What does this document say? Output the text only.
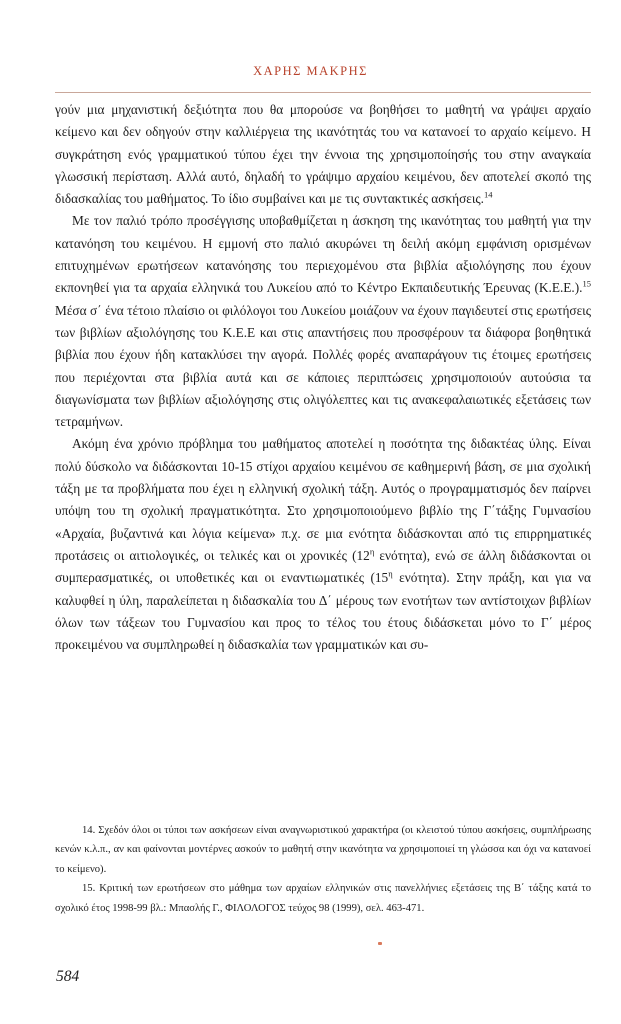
ΧΑΡΗΣ ΜΑΚΡΗΣ

γούν μια μηχανιστική δεξιότητα που θα μπορούσε να βοηθήσει το μαθητή να γράψει αρχαίο κείμενο και δεν οδηγούν στην καλλιέργεια της ικανότητάς του να κατανοεί το αρχαίο κείμενο. Η συγκράτηση ενός γραμματικού τύπου έχει την έννοια της χρησιμοποίησής του στην αναγκαία γλωσσική περίσταση. Αλλά αυτό, δηλαδή το γράψιμο αρχαίου κειμένου, δεν αποτελεί σκοπό της διδασκαλίας του μαθήματος. Το ίδιο συμβαίνει και με τις συντακτικές ασκήσεις.$^{14}$

Με τον παλιό τρόπο προσέγγισης υποβαθμίζεται η άσκηση της ικανότητας του μαθητή για την κατανόηση του κειμένου. Η εμμονή στο παλιό ακυρώνει τη δειλή ακόμη εμφάνιση ορισμένων επιτυχημένων ερωτήσεων κατανόησης του περιεχομένου στα βιβλία αξιολόγησης που έχουν εκπονηθεί για τα αρχαία ελληνικά του Λυκείου από το Κέντρο Εκπαιδευτικής Έρευνας (Κ.Ε.Ε.).$^{15}$ Μέσα σ΄ ένα τέτοιο πλαίσιο οι φιλόλογοι του Λυκείου μοιάζουν να έχουν παγιδευτεί στις ερωτήσεις των βιβλίων αξιολόγησης του Κ.Ε.Ε και στις απαντήσεις που προσφέρουν τα διάφορα βοηθητικά βιβλία που έχουν ήδη κατακλύσει την αγορά. Πολλές φορές αναπαράγουν τις έτοιμες ερωτήσεις που περιέχονται στα βιβλία αυτά και σε κάποιες περιπτώσεις χρησιμοποιούν αυτούσια τα διαγωνίσματα των βιβλίων αξιολόγησης στις ολιγόλεπτες και τις ανακεφαλαιωτικές εξετάσεις των τετραμήνων.

Ακόμη ένα χρόνιο πρόβλημα του μαθήματος αποτελεί η ποσότητα της διδακτέας ύλης. Είναι πολύ δύσκολο να διδάσκονται 10-15 στίχοι αρχαίου κειμένου σε καθημερινή βάση, σε μια σχολική τάξη με τα προβλήματα που έχει η ελληνική σχολική τάξη. Αυτός ο προγραμματισμός δεν παίρνει υπόψη του τη σχολική πραγματικότητα. Στο χρησιμοποιούμενο βιβλίο της Γ΄τάξης Γυμνασίου «Αρχαία, βυζαντινά και λόγια κείμενα» π.χ. σε μια ενότητα διδάσκονται από τις επιρρηματικές προτάσεις οι αιτιολογικές, οι τελικές και οι χρονικές ($12^\eta$ ενότητα), ενώ σε άλλη διδάσκονται οι συμπερασματικές, οι υποθετικές και οι εναντιωματικές ($15^\eta$ ενότητα). Στην πράξη, και για να καλυφθεί η ύλη, παραλείπεται η διδασκαλία του Δ΄ μέρους των ενοτήτων των αντίστοιχων βιβλίων όλων των τάξεων του Γυμνασίου και προς το τέλος του έτους διδάσκεται μόνο το Γ΄ μέρος προκειμένου να συμπληρωθεί η διδασκαλία των γραμματικών και συ-

14. Σχεδόν όλοι οι τύποι των ασκήσεων είναι αναγνωριστικού χαρακτήρα (οι κλειστού τύπου ασκήσεις, συμπλήρωσης κενών κ.λ.π., αν και φαίνονται μοντέρνες ασκούν το μαθητή στην ικανότητα να χρησιμοποιεί τη γλώσσα και όχι να κατανοεί το κείμενο).

15. Κριτική των ερωτήσεων στο μάθημα των αρχαίων ελληνικών στις πανελλήνιες εξετάσεις της Β΄ τάξης κατά το σχολικό έτος 1998-99 βλ.: Μπασλής Γ., ΦΙΛΟΛΟΓΟΣ τεύχος 98 (1999), σελ. 463-471.

584
